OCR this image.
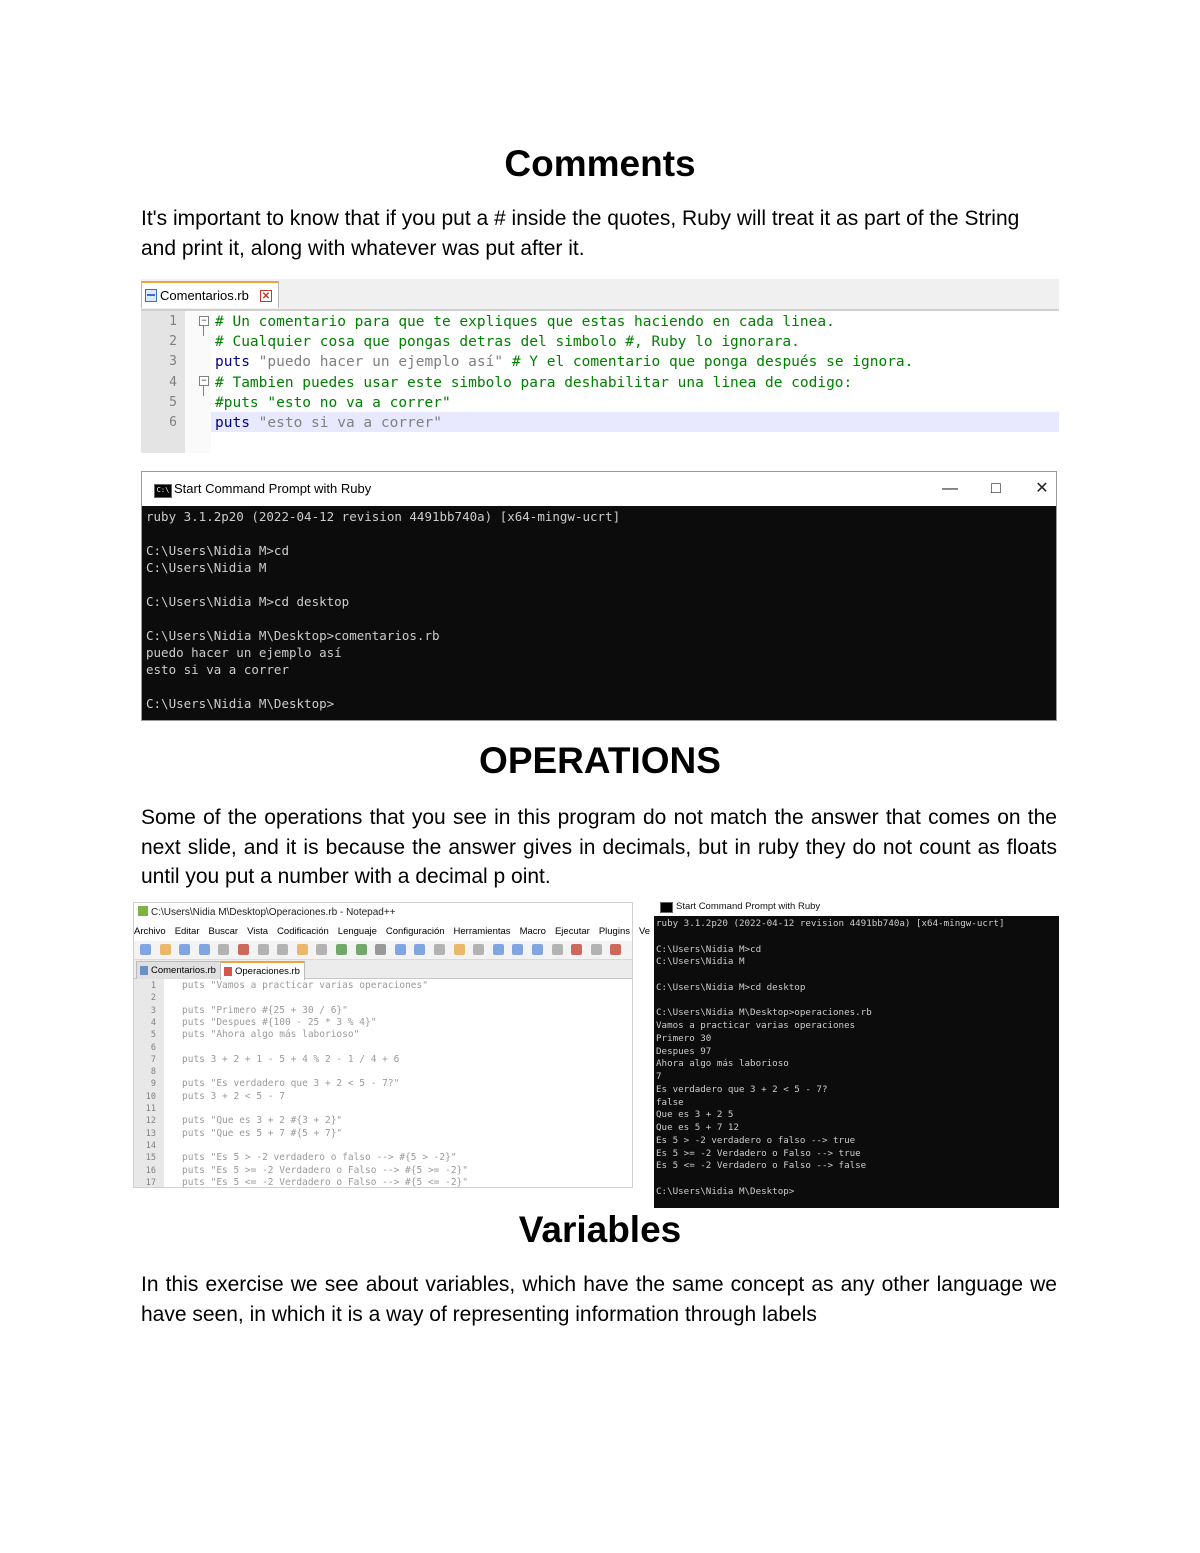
Comments

It's important to know that if you put a # inside the quotes, Ruby will treat it as part of the String and print it, along with whatever was put after it.

Comentarios.rb ✕
1	# Un comentario para que te expliques que estas haciendo en cada linea.
2	# Cualquier cosa que pongas detras del simbolo #, Ruby lo ignorara.
3	puts "puedo hacer un ejemplo así" # Y el comentario que ponga después se ignora.
4	# Tambien puedes usar este simbolo para deshabilitar una linea de codigo:
5	#puts "esto no va a correr"
6	puts "esto si va a correr"
−
−
C:\ Start Command Prompt with Ruby	—	□	✕
ruby 3.1.2p20 (2022-04-12 revision 4491bb740a) [x64-mingw-ucrt]

C:\Users\Nidia M>cd
C:\Users\Nidia M

C:\Users\Nidia M>cd desktop

C:\Users\Nidia M\Desktop>comentarios.rb
puedo hacer un ejemplo así
esto si va a correr

C:\Users\Nidia M\Desktop>
OPERATIONS

Some of the operations that you see in this program do not match the answer that comes on the next slide, and it is because the answer gives in decimals, but in ruby they do not count as floats until you put a number with a decimal p oint.

C:\Users\Nidia M\Desktop\Operaciones.rb - Notepad++
Archivo Editar Buscar Vista Codificación Lenguaje Configuración Herramientas Macro Ejecutar Plugins Ve
Comentarios.rb	Operaciones.rb
1	puts "Vamos a practicar varias operaciones"
2
3	puts "Primero #{25 + 30 / 6}"
4	puts "Despues #{100 - 25 * 3 % 4}"
5	puts "Ahora algo más laborioso"
6
7	puts 3 + 2 + 1 - 5 + 4 % 2 - 1 / 4 + 6
8
9	puts "Es verdadero que 3 + 2 < 5 - 7?"
10	puts 3 + 2 < 5 - 7
11
12	puts "Que es 3 + 2 #{3 + 2}"
13	puts "Que es 5 + 7 #{5 + 7}"
14
15	puts "Es 5 > -2 verdadero o falso --> #{5 > -2}"
16	puts "Es 5 >= -2 Verdadero o Falso --> #{5 >= -2}"
17	puts "Es 5 <= -2 Verdadero o Falso --> #{5 <= -2}"
Start Command Prompt with Ruby
ruby 3.1.2p20 (2022-04-12 revision 4491bb740a) [x64-mingw-ucrt]

C:\Users\Nidia M>cd
C:\Users\Nidia M

C:\Users\Nidia M>cd desktop

C:\Users\Nidia M\Desktop>operaciones.rb
Vamos a practicar varias operaciones
Primero 30
Despues 97
Ahora algo más laborioso
7
Es verdadero que 3 + 2 < 5 - 7?
false
Que es 3 + 2 5
Que es 5 + 7 12
Es 5 > -2 verdadero o falso --> true
Es 5 >= -2 Verdadero o Falso --> true
Es 5 <= -2 Verdadero o Falso --> false

C:\Users\Nidia M\Desktop>
Variables

In this exercise we see about variables, which have the same concept as any other language we have seen, in which it is a way of representing information through labels
